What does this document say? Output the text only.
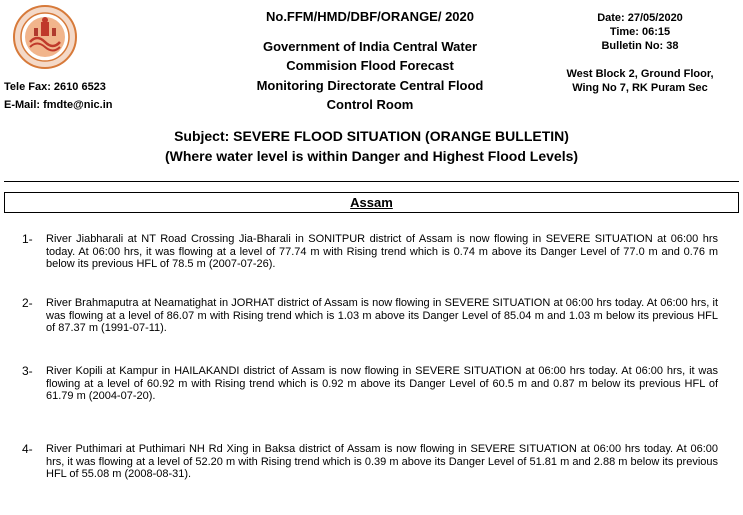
Tele Fax: 2610 6523
E-Mail: fmdte@nic.in
No.FFM/HMD/DBF/ORANGE/ 2020
Government of India Central Water
Commision Flood Forecast
Monitoring Directorate Central Flood
Control Room
Date: 27/05/2020
Time: 06:15
Bulletin No: 38
West Block 2, Ground Floor,
Wing No 7, RK Puram Sec
Subject: SEVERE FLOOD SITUATION (ORANGE BULLETIN)
(Where water level is within Danger and Highest Flood Levels)
Assam
1- River Jiabharali at NT Road Crossing Jia-Bharali in SONITPUR district of Assam is now flowing in SEVERE SITUATION at 06:00 hrs today. At 06:00 hrs, it was flowing at a level of 77.74 m with Rising trend which is 0.74 m above its Danger Level of 77.0 m and 0.76 m below its previous HFL of 78.5 m (2007-07-26).
2- River Brahmaputra at Neamatighat in JORHAT district of Assam is now flowing in SEVERE SITUATION at 06:00 hrs today. At 06:00 hrs, it was flowing at a level of 86.07 m with Rising trend which is 1.03 m above its Danger Level of 85.04 m and 1.03 m below its previous HFL of 87.37 m (1991-07-11).
3- River Kopili at Kampur in HAILAKANDI district of Assam is now flowing in SEVERE SITUATION at 06:00 hrs today. At 06:00 hrs, it was flowing at a level of 60.92 m with Rising trend which is 0.92 m above its Danger Level of 60.5 m and 0.87 m below its previous HFL of 61.79 m (2004-07-20).
4- River Puthimari at Puthimari NH Rd Xing in Baksa district of Assam is now flowing in SEVERE SITUATION at 06:00 hrs today. At 06:00 hrs, it was flowing at a level of 52.20 m with Rising trend which is 0.39 m above its Danger Level of 51.81 m and 2.88 m below its previous HFL of 55.08 m (2008-08-31).
